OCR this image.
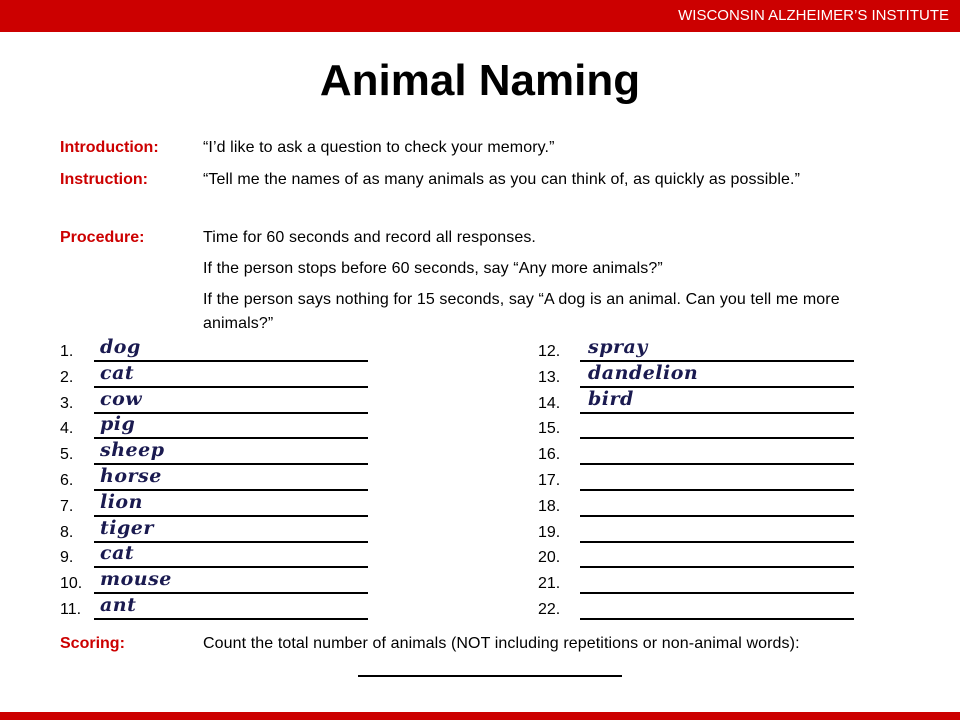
WISCONSIN ALZHEIMER’S INSTITUTE
Animal Naming
Introduction:	“I’d like to ask a question to check your memory.”
Instruction:	“Tell me the names of as many animals as you can think of, as quickly as possible.”
Procedure:	Time for 60 seconds and record all responses.
If the person stops before 60 seconds, say “Any more animals?”
If the person says nothing for 15 seconds, say “A dog is an animal. Can you tell me more animals?”
1. dog
2. cat
3. cow
4. pig
5. sheep
6. horse
7. lion
8. tiger
9. cat
10. mouse
11. ant
12. spray
13. dandelion
14. bird
15.
16.
17.
18.
19.
20.
21.
22.
Scoring:	Count the total number of animals (NOT including repetitions or non-animal words):
